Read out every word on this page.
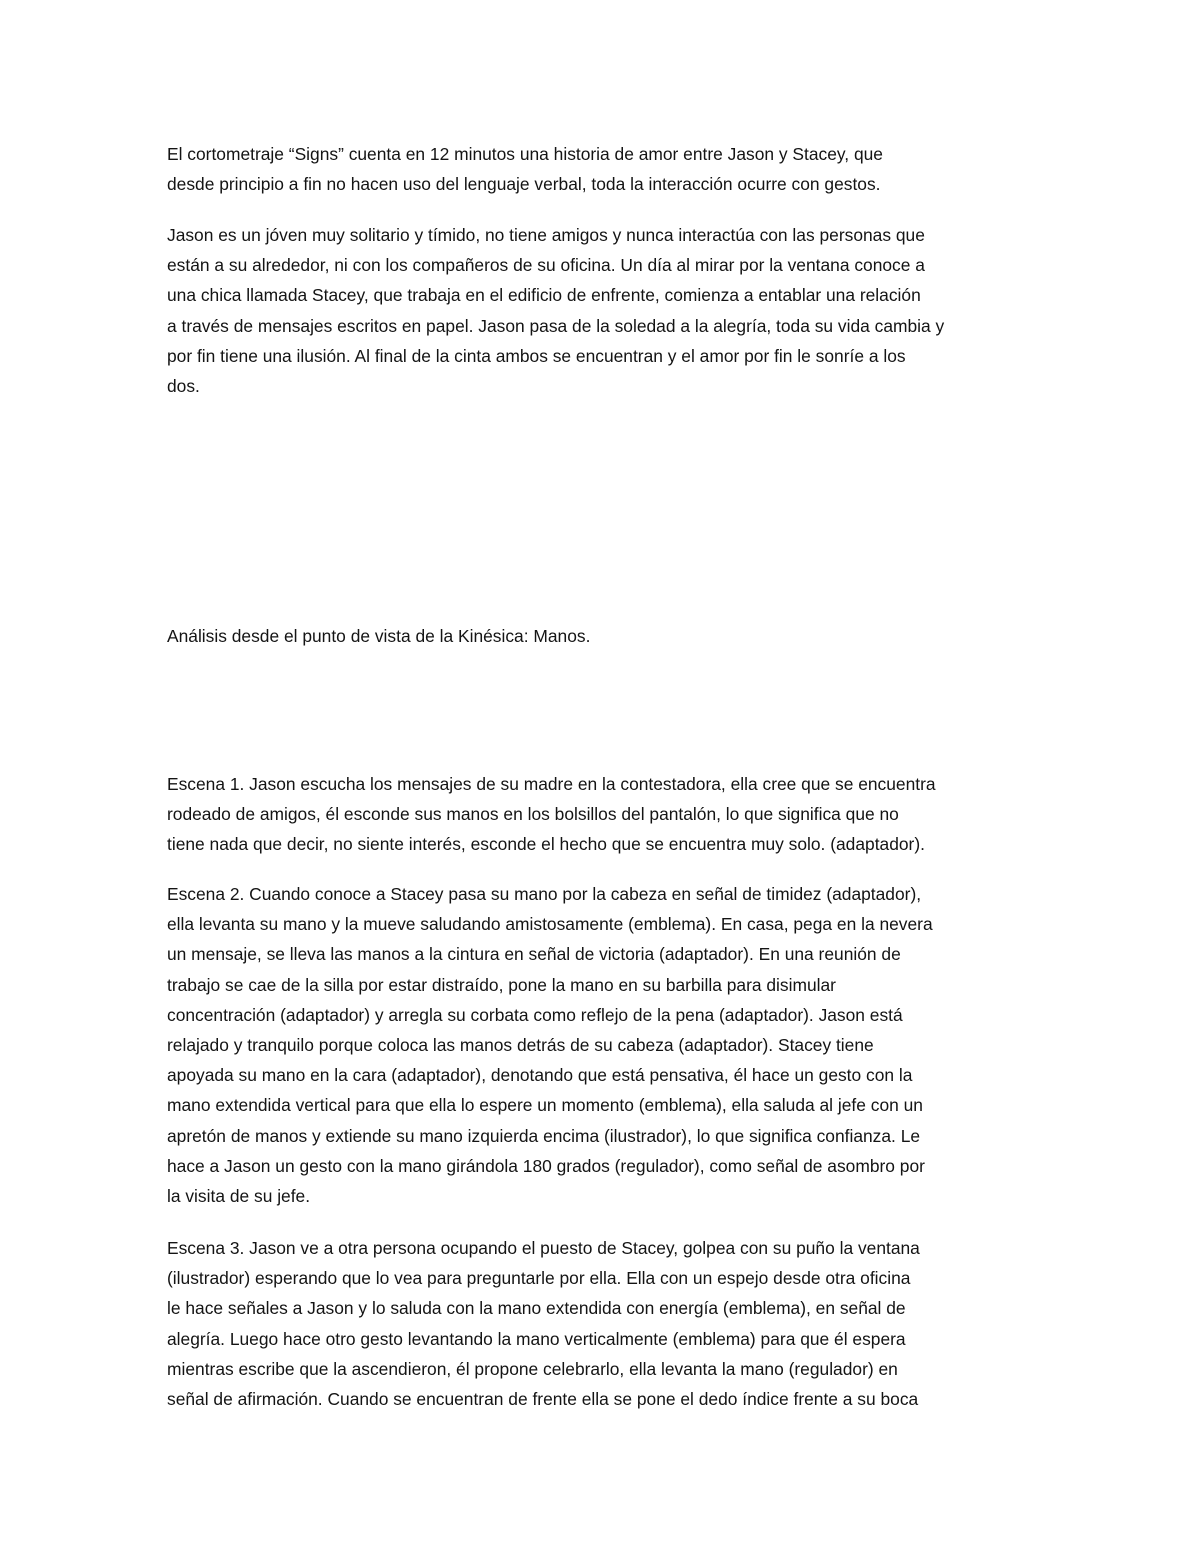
El cortometraje “Signs” cuenta en 12 minutos una historia de amor entre Jason y Stacey, que
desde principio a fin no hacen uso del lenguaje verbal, toda la interacción ocurre con gestos.
Jason es un jóven muy solitario y tímido, no tiene amigos y nunca interactúa con las personas que
están a su alrededor, ni con los compañeros de su oficina. Un día al mirar por la ventana conoce a
una chica llamada Stacey, que trabaja en el edificio de enfrente, comienza a entablar una relación
a través de mensajes escritos en papel. Jason pasa de la soledad a la alegría, toda su vida cambia y
por fin tiene una ilusión. Al final de la cinta ambos se encuentran y el amor por fin le sonríe a los
dos.
Análisis desde el punto de vista de la Kinésica: Manos.
Escena 1. Jason escucha los mensajes de su madre en la contestadora, ella cree que se encuentra
rodeado de amigos, él esconde sus manos en los bolsillos del pantalón, lo que significa que no
tiene nada que decir, no siente interés, esconde el hecho que se encuentra muy solo. (adaptador).
Escena 2. Cuando conoce a Stacey pasa su mano por la cabeza en señal de timidez (adaptador),
ella levanta su mano y la mueve saludando amistosamente (emblema). En casa, pega en la nevera
un mensaje, se lleva las manos a la cintura en señal de victoria (adaptador). En una reunión de
trabajo se cae de la silla por estar distraído, pone la mano en su barbilla para disimular
concentración (adaptador) y arregla su corbata como reflejo de la pena (adaptador). Jason está
relajado y tranquilo porque coloca las manos detrás de su cabeza (adaptador). Stacey tiene
apoyada su mano en la cara (adaptador), denotando que está pensativa, él hace un gesto con la
mano extendida vertical para que ella lo espere un momento (emblema), ella saluda al jefe con un
apretón de manos y extiende su mano izquierda encima (ilustrador), lo que significa confianza. Le
hace a Jason un gesto con la mano girándola 180 grados (regulador), como señal de asombro por
la visita de su jefe.
Escena 3. Jason ve a otra persona ocupando el puesto de Stacey, golpea con su puño la ventana
(ilustrador) esperando que lo vea para preguntarle por ella. Ella con un espejo desde otra oficina
le hace señales a Jason y lo saluda con la mano extendida con energía (emblema), en señal de
alegría. Luego hace otro gesto levantando la mano verticalmente (emblema) para que él espera
mientras escribe que la ascendieron, él propone celebrarlo, ella levanta la mano (regulador) en
señal de afirmación. Cuando se encuentran de frente ella se pone el dedo índice frente a su boca
